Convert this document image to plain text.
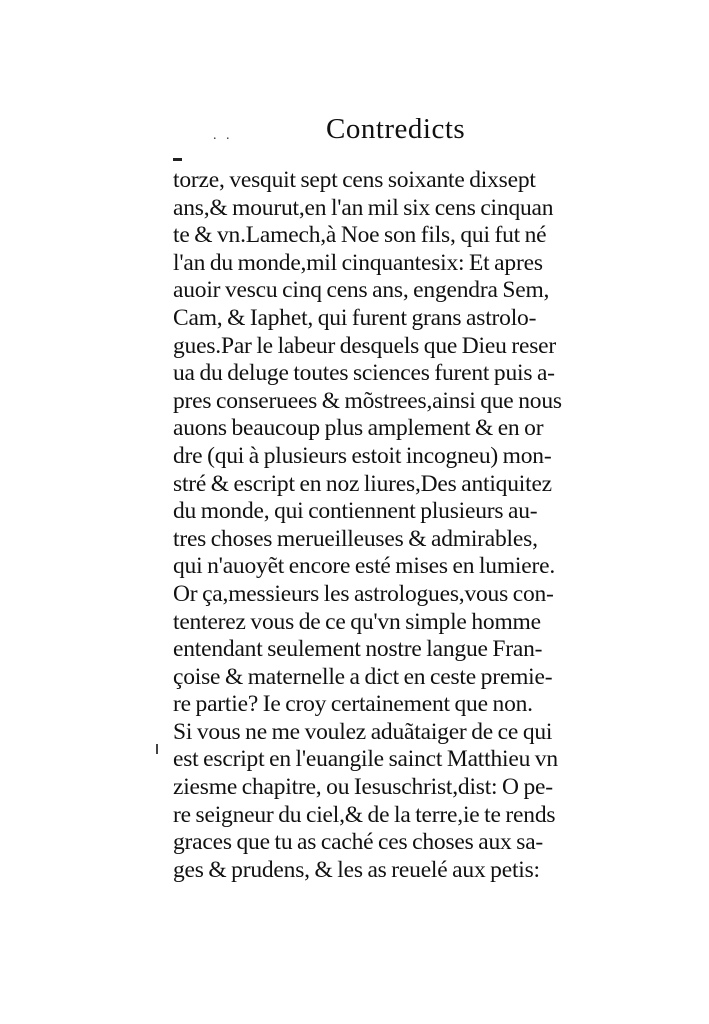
. .	Contredicts
torze, vesquit sept cens soixante dixsept
ans,& mourut,en l'an mil six cens cinquan
te & vn.Lamech,à Noe son fils, qui fut né
l'an du monde,mil cinquantesix: Et apres
auoir vescu cinq cens ans, engendra Sem,
Cam, & Iaphet, qui furent grans astrolo-
gues.Par le labeur desquels que Dieu reser
ua du deluge toutes sciences furent puis a-
pres conseruees & mõstrees,ainsi que nous
auons beaucoup plus amplement & en or
dre (qui à plusieurs estoit incogneu) mon-
stré & escript en noz liures,Des antiquitez
du monde, qui contiennent plusieurs au-
tres choses merueilleuses & admirables,
qui n'auoyẽt encore esté mises en lumiere.
Or ça,messieurs les astrologues,vous con-
tenterez vous de ce qu'vn simple homme
entendant seulement nostre langue Fran-
çoise & maternelle a dict en ceste premie-
re partie? Ie croy certainement que non.
Si vous ne me voulez aduãtaiger de ce qui
est escript en l'euangile sainct Matthieu vn
ziesme chapitre, ou Iesuschrist,dist: O pe-
re seigneur du ciel,& de la terre,ie te rends
graces que tu as caché ces choses aux sa-
ges & prudens, & les as reuelé aux petis:
